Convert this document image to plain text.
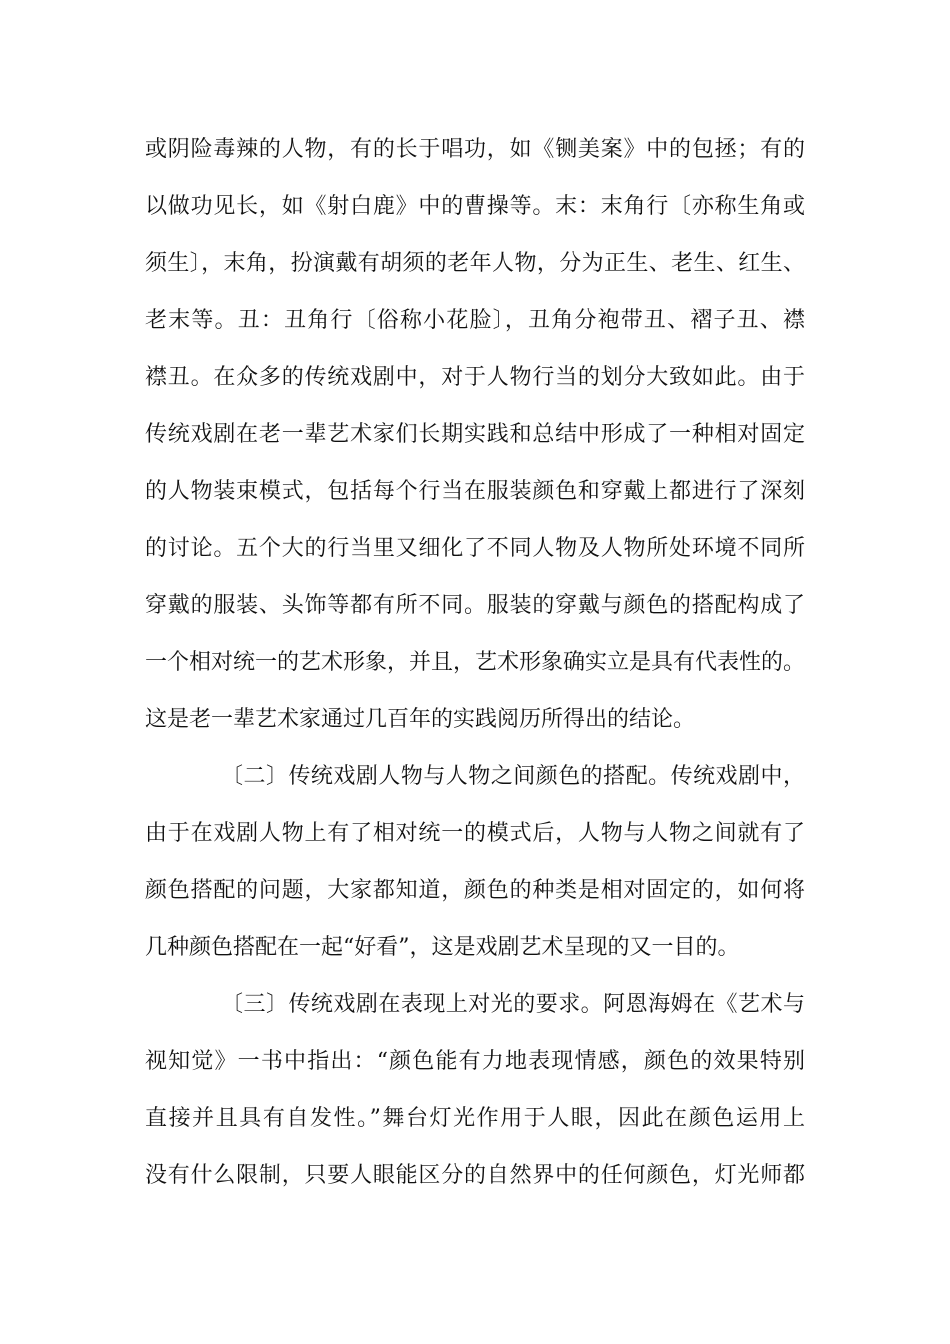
或阴险毒辣的人物，有的长于唱功，如《铡美案》中的包拯；有的
以做功见长，如《射白鹿》中的曹操等。末：末角行〔亦称生角或
须生〕，末角，扮演戴有胡须的老年人物，分为正生、老生、红生、
老末等。丑：丑角行〔俗称小花脸〕，丑角分袍带丑、褶子丑、襟
襟丑。在众多的传统戏剧中，对于人物行当的划分大致如此。由于
传统戏剧在老一辈艺术家们长期实践和总结中形成了一种相对固定
的人物装束模式，包括每个行当在服装颜色和穿戴上都进行了深刻
的讨论。五个大的行当里又细化了不同人物及人物所处环境不同所
穿戴的服装、头饰等都有所不同。服装的穿戴与颜色的搭配构成了
一个相对统一的艺术形象，并且，艺术形象确实立是具有代表性的。
这是老一辈艺术家通过几百年的实践阅历所得出的结论。
〔二〕传统戏剧人物与人物之间颜色的搭配。传统戏剧中，
由于在戏剧人物上有了相对统一的模式后，人物与人物之间就有了
颜色搭配的问题，大家都知道，颜色的种类是相对固定的，如何将
几种颜色搭配在一起“好看”，这是戏剧艺术呈现的又一目的。
〔三〕传统戏剧在表现上对光的要求。阿恩海姆在《艺术与
视知觉》一书中指出：“颜色能有力地表现情感，颜色的效果特别
直接并且具有自发性。”舞台灯光作用于人眼，因此在颜色运用上
没有什么限制，只要人眼能区分的自然界中的任何颜色，灯光师都
